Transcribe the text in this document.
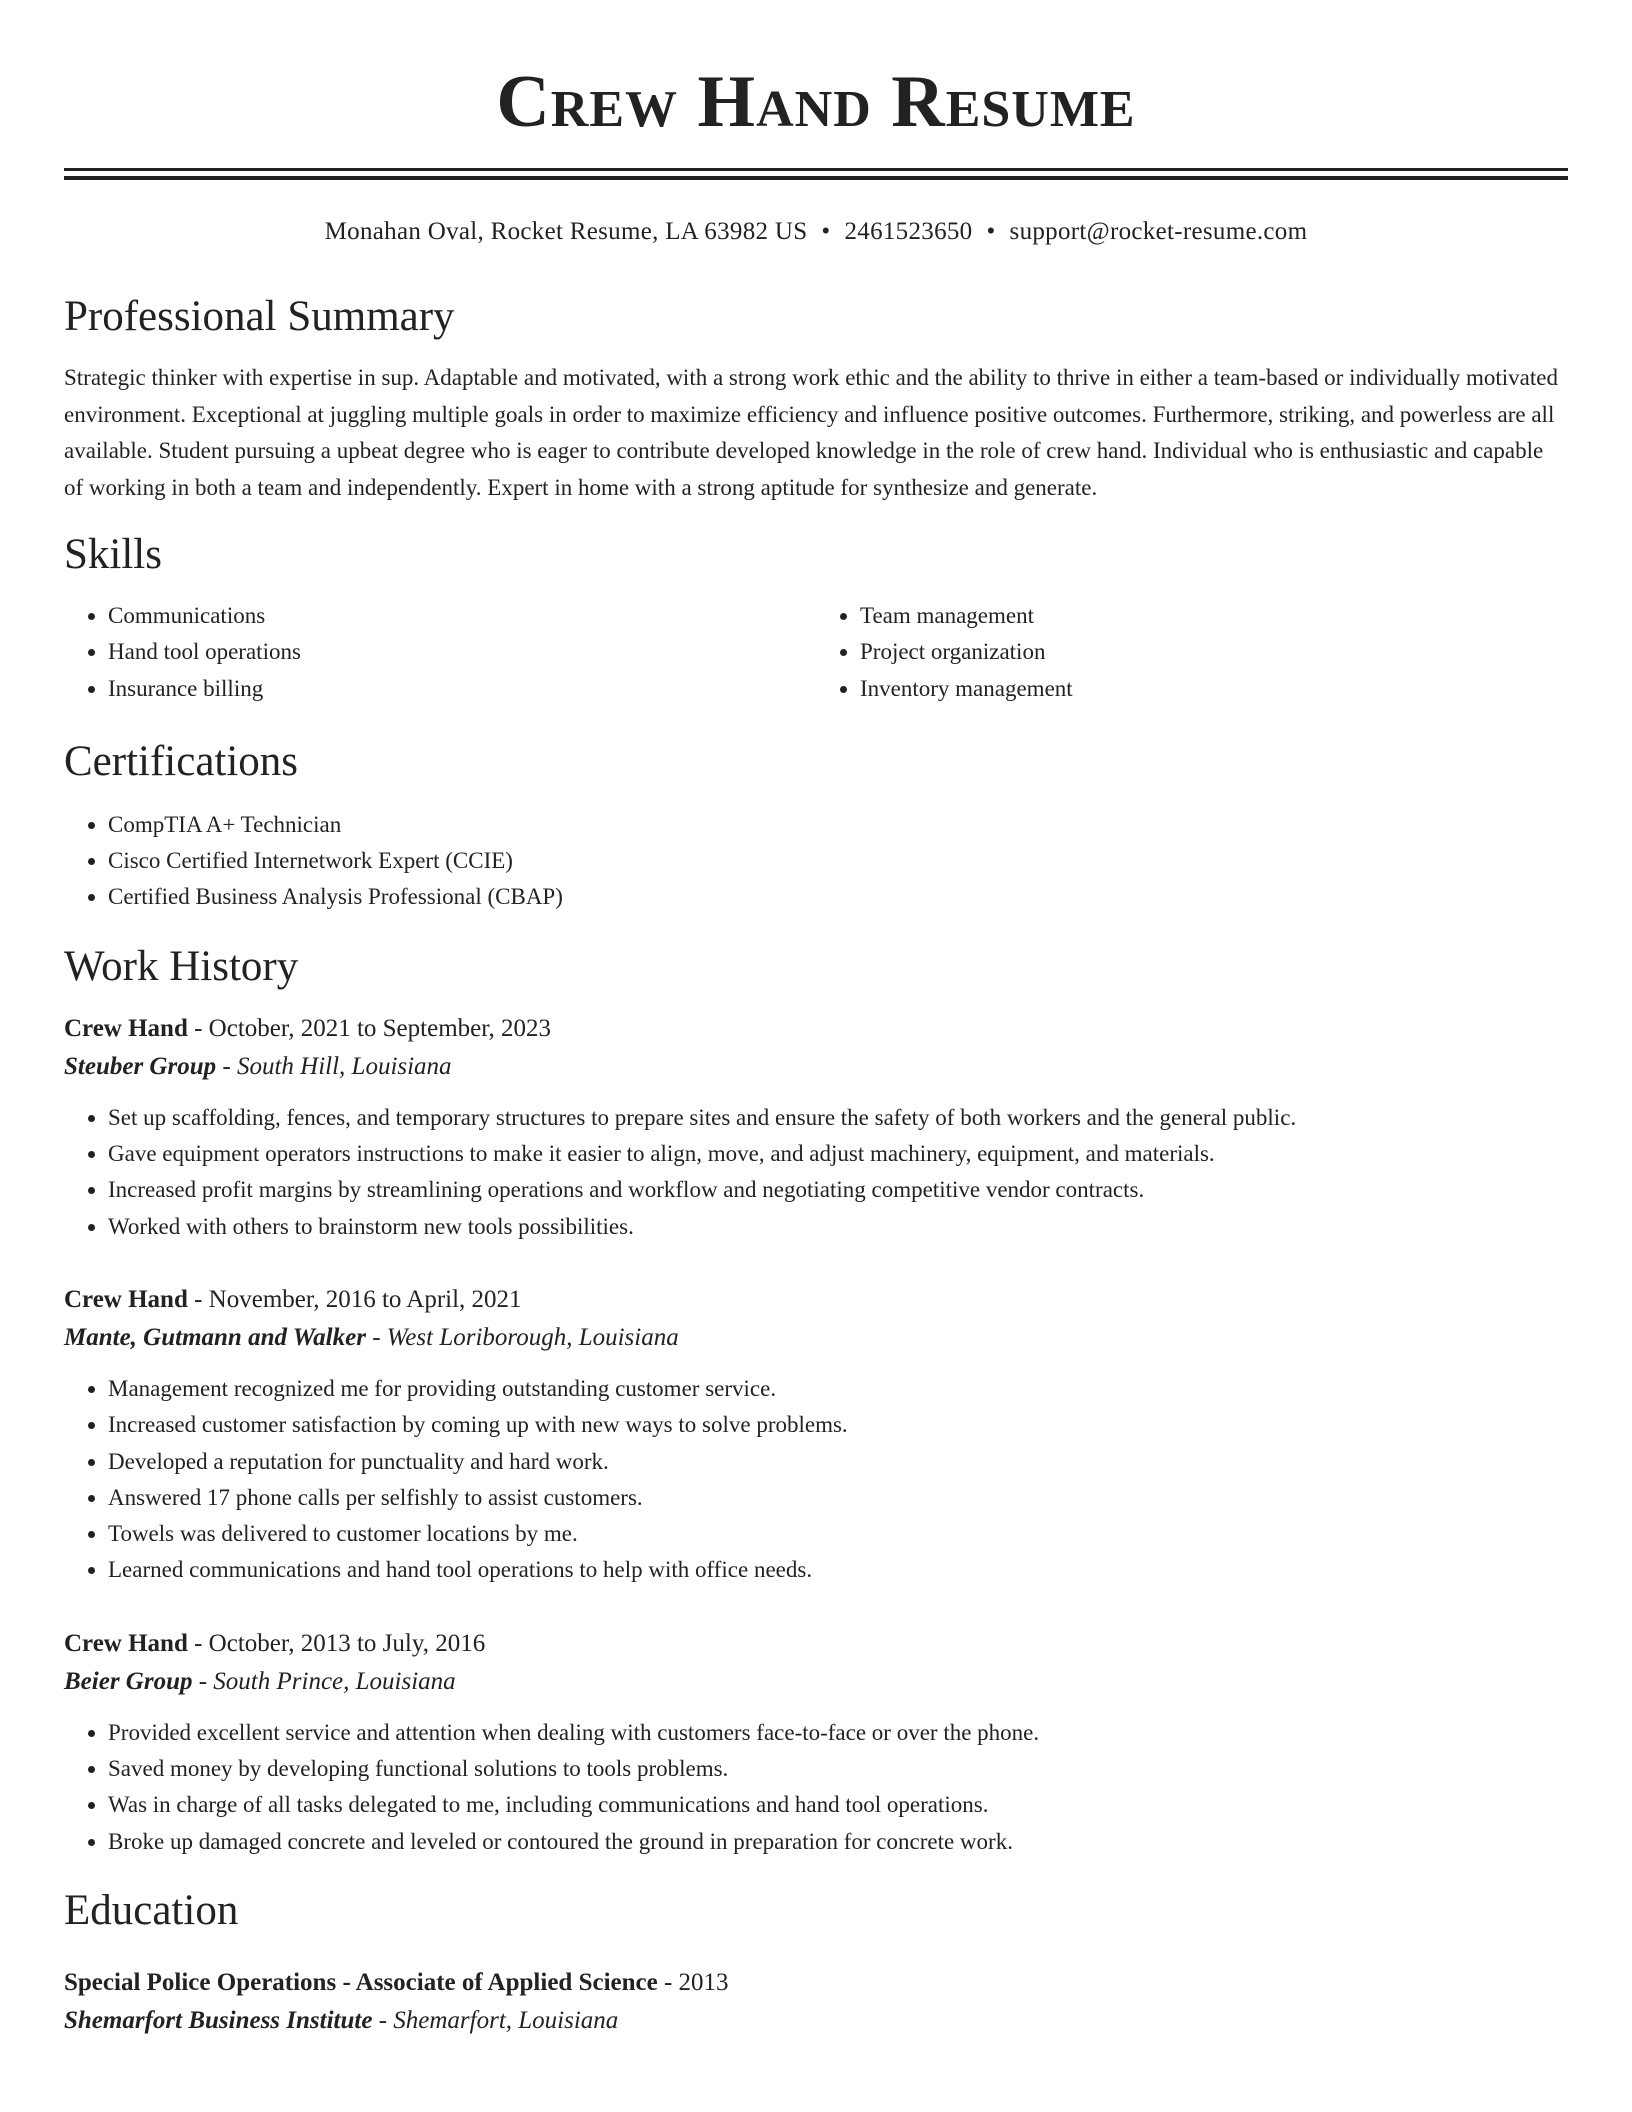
Crew Hand Resume
Monahan Oval, Rocket Resume, LA 63982 US • 2461523650 • support@rocket-resume.com
Professional Summary

Strategic thinker with expertise in sup. Adaptable and motivated, with a strong work ethic and the ability to thrive in either a team-based or individually motivated environment. Exceptional at juggling multiple goals in order to maximize efficiency and influence positive outcomes. Furthermore, striking, and powerless are all available. Student pursuing a upbeat degree who is eager to contribute developed knowledge in the role of crew hand. Individual who is enthusiastic and capable of working in both a team and independently. Expert in home with a strong aptitude for synthesize and generate.

Skills
• Communications
• Hand tool operations
• Insurance billing
• Team management
• Project organization
• Inventory management
Certifications
• CompTIA A+ Technician
• Cisco Certified Internetwork Expert (CCIE)
• Certified Business Analysis Professional (CBAP)
Work History
Crew Hand - October, 2021 to September, 2023
Steuber Group - South Hill, Louisiana
• Set up scaffolding, fences, and temporary structures to prepare sites and ensure the safety of both workers and the general public.
• Gave equipment operators instructions to make it easier to align, move, and adjust machinery, equipment, and materials.
• Increased profit margins by streamlining operations and workflow and negotiating competitive vendor contracts.
• Worked with others to brainstorm new tools possibilities.
Crew Hand - November, 2016 to April, 2021
Mante, Gutmann and Walker - West Loriborough, Louisiana
• Management recognized me for providing outstanding customer service.
• Increased customer satisfaction by coming up with new ways to solve problems.
• Developed a reputation for punctuality and hard work.
• Answered 17 phone calls per selfishly to assist customers.
• Towels was delivered to customer locations by me.
• Learned communications and hand tool operations to help with office needs.
Crew Hand - October, 2013 to July, 2016
Beier Group - South Prince, Louisiana
• Provided excellent service and attention when dealing with customers face-to-face or over the phone.
• Saved money by developing functional solutions to tools problems.
• Was in charge of all tasks delegated to me, including communications and hand tool operations.
• Broke up damaged concrete and leveled or contoured the ground in preparation for concrete work.
Education
Special Police Operations - Associate of Applied Science - 2013
Shemarfort Business Institute - Shemarfort, Louisiana
